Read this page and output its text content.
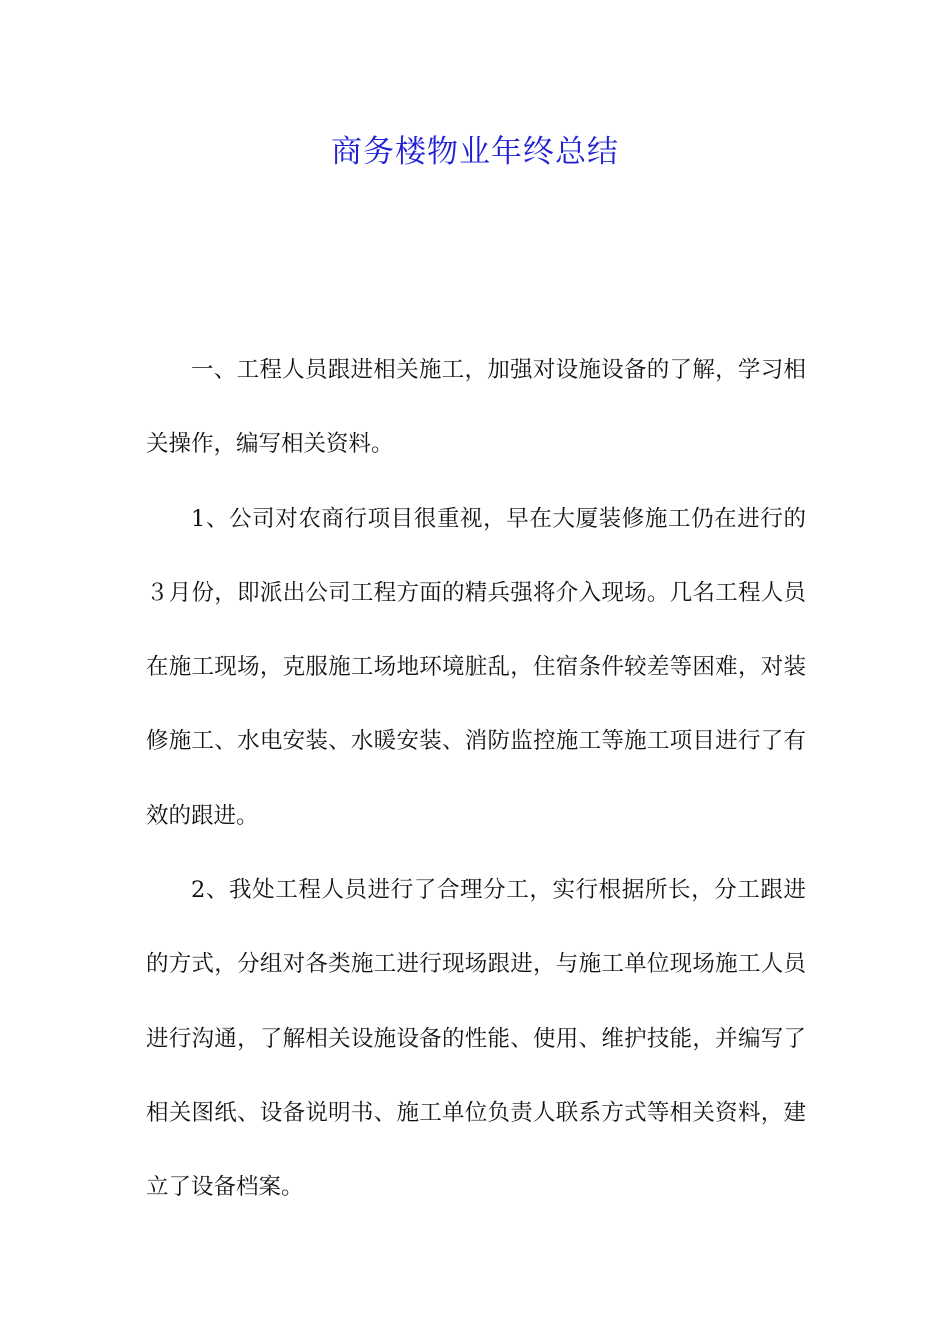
商务楼物业年终总结

一、工程人员跟进相关施工，加强对设施设备的了解，学习相关操作，编写相关资料。

1、公司对农商行项目很重视，早在大厦装修施工仍在进行的３月份，即派出公司工程方面的精兵强将介入现场。几名工程人员在施工现场，克服施工场地环境脏乱，住宿条件较差等困难，对装修施工、水电安装、水暖安装、消防监控施工等施工项目进行了有效的跟进。

2、我处工程人员进行了合理分工，实行根据所长，分工跟进的方式，分组对各类施工进行现场跟进，与施工单位现场施工人员进行沟通，了解相关设施设备的性能、使用、维护技能，并编写了相关图纸、设备说明书、施工单位负责人联系方式等相关资料，建立了设备档案。
